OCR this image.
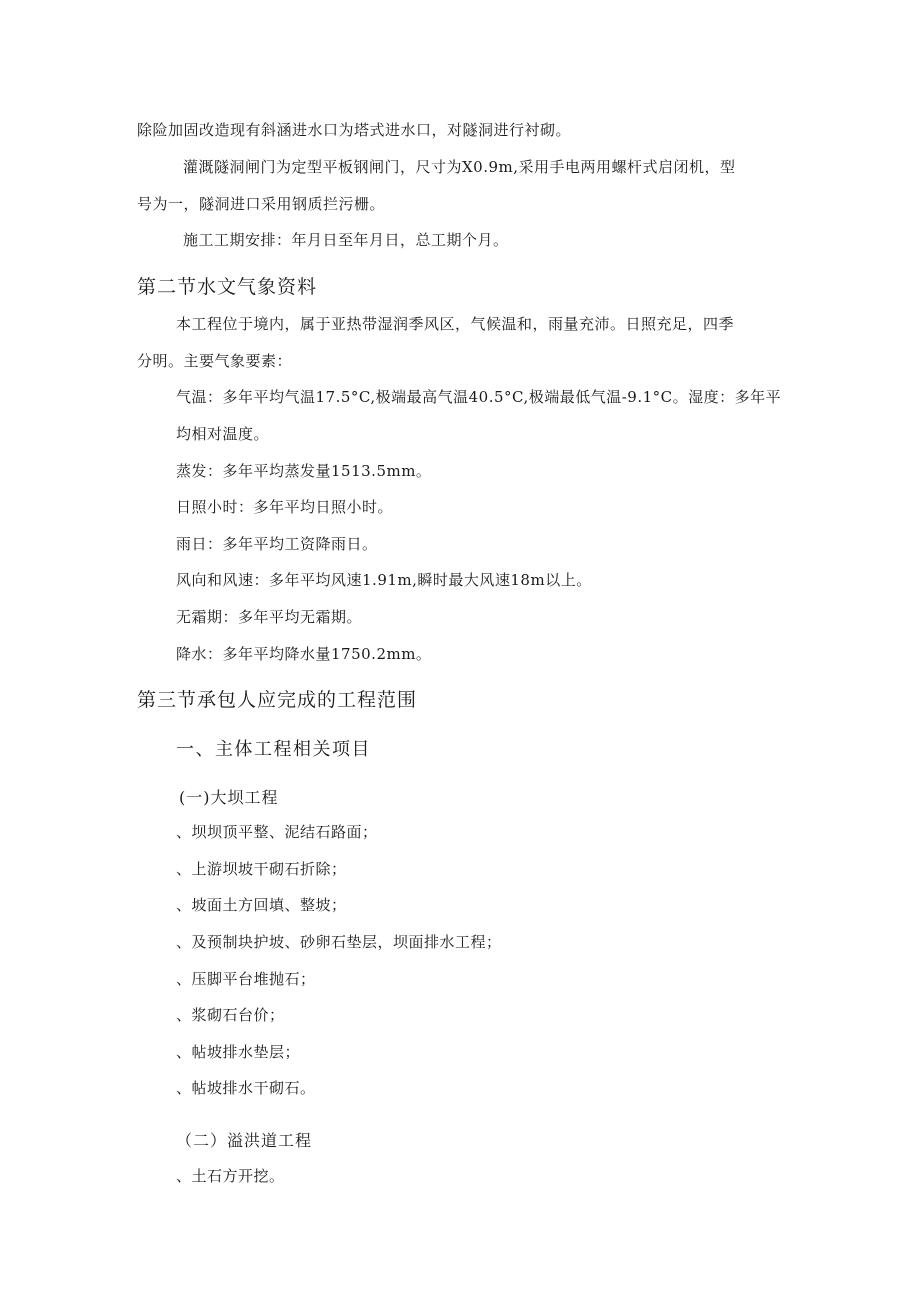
除险加固改造现有斜涵进水口为塔式进水口，对隧洞进行衬砌。
灌溉隧洞闸门为定型平板钢闸门，尺寸为X0.9m,采用手电两用螺杆式启闭机，型
号为一，隧洞进口采用钢质拦污栅。
施工工期安排：年月日至年月日，总工期个月。
第二节水文气象资料
本工程位于境内，属于亚热带湿润季风区，气候温和，雨量充沛。日照充足，四季
分明。主要气象要素：
气温：多年平均气温17.5°C,极端最高气温40.5°C,极端最低气温-9.1°C。湿度：多年平
均相对温度。
蒸发：多年平均蒸发量1513.5mm。
日照小时：多年平均日照小时。
雨日：多年平均工资降雨日。
风向和风速：多年平均风速1.91m,瞬时最大风速18m以上。
无霜期：多年平均无霜期。
降水：多年平均降水量1750.2mm。
第三节承包人应完成的工程范围
一、主体工程相关项目
(一)大坝工程
、坝坝顶平整、泥结石路面；
、上游坝坡干砌石折除；
、坡面土方回填、整坡；
、及预制块护坡、砂卵石垫层，坝面排水工程；
、压脚平台堆抛石；
、浆砌石台价；
、帖坡排水垫层；
、帖坡排水干砌石。
（二）溢洪道工程
、土石方开挖。
